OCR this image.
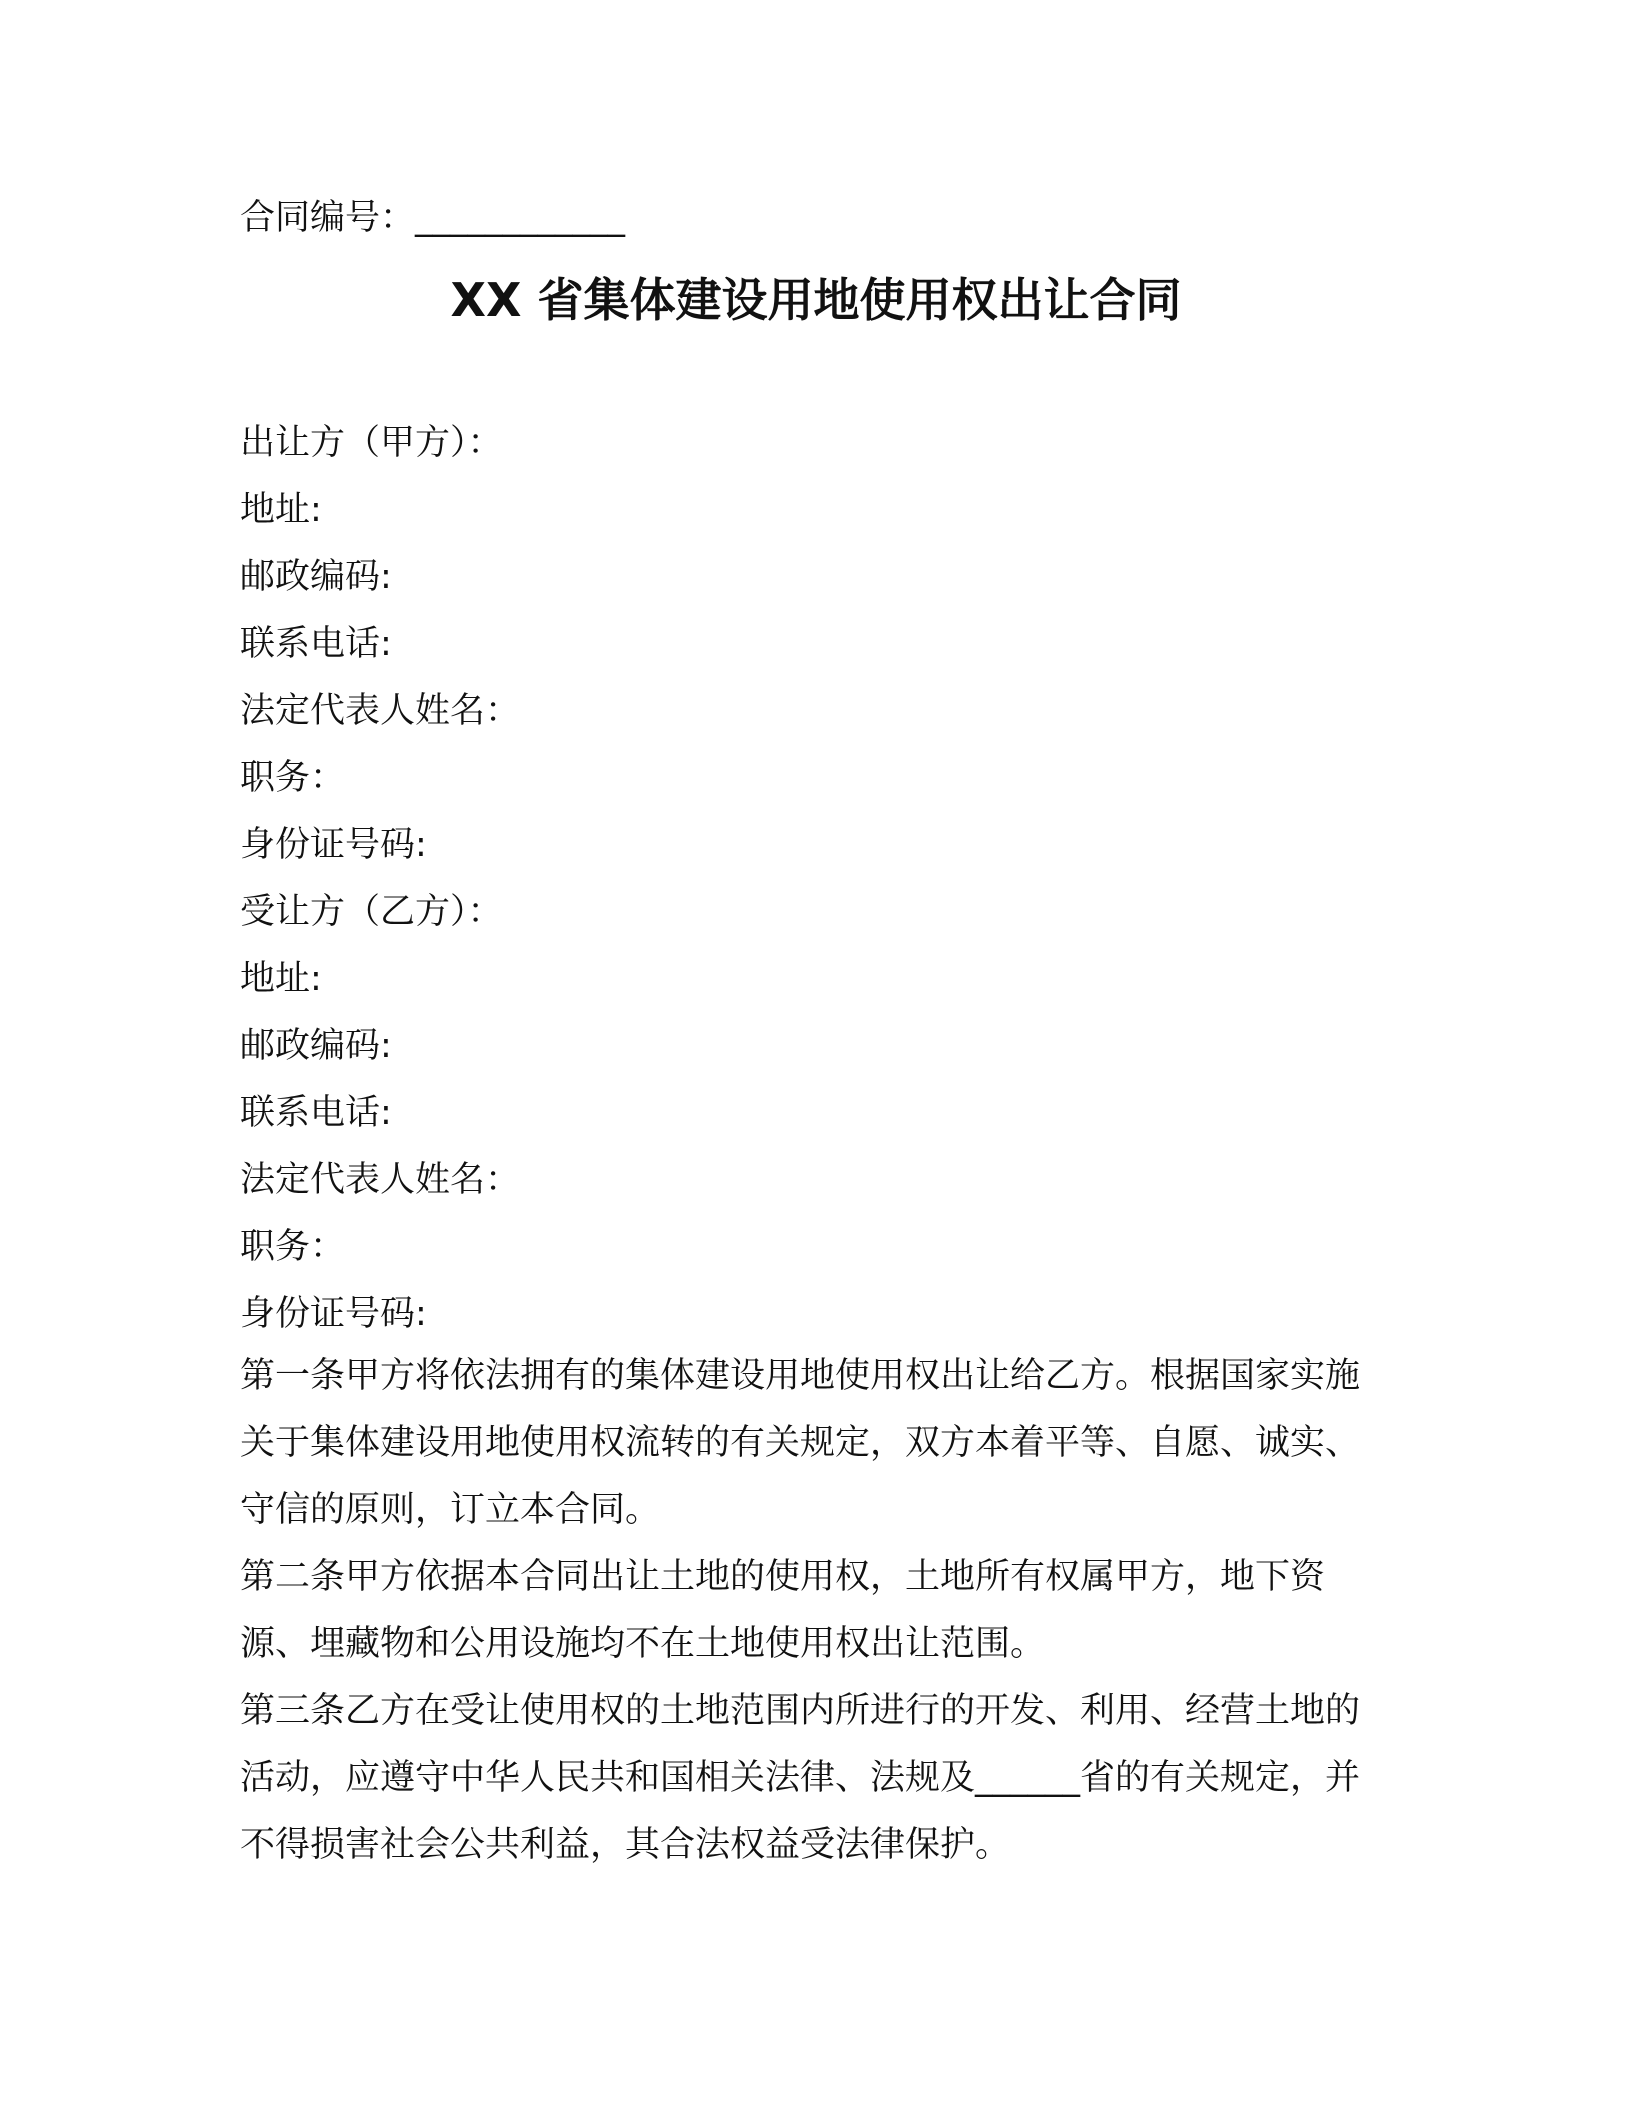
合同编号：____________
XX 省集体建设用地使用权出让合同
出让方（甲方）：
地址:
邮政编码:
联系电话:
法定代表人姓名：
职务：
身份证号码:
受让方（乙方）：
地址:
邮政编码:
联系电话:
法定代表人姓名：
职务：
身份证号码:

第一条甲方将依法拥有的集体建设用地使用权出让给乙方。根据国家实施关于集体建设用地使用权流转的有关规定，双方本着平等、自愿、诚实、守信的原则，订立本合同。

第二条甲方依据本合同出让土地的使用权，土地所有权属甲方，地下资源、埋藏物和公用设施均不在土地使用权出让范围。

第三条乙方在受让使用权的土地范围内所进行的开发、利用、经营土地的活动，应遵守中华人民共和国相关法律、法规及______省的有关规定，并不得损害社会公共利益，其合法权益受法律保护。
